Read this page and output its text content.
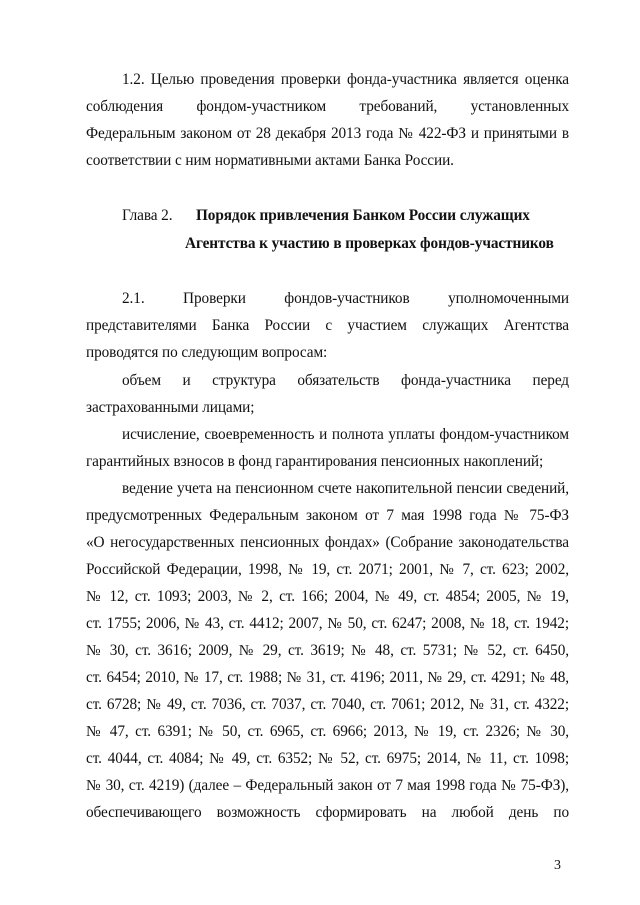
1.2. Целью проведения проверки фонда-участника является оценка
соблюдения фондом-участником требований, установленных
Федеральным законом от 28 декабря 2013 года № 422-ФЗ и принятыми в
соответствии с ним нормативными актами Банка России.
Глава 2. Порядок привлечения Банком России служащих
Агентства к участию в проверках фондов-участников
2.1. Проверки фондов-участников уполномоченными
представителями Банка России с участием служащих Агентства
проводятся по следующим вопросам:
объем и структура обязательств фонда-участника перед
застрахованными лицами;
исчисление, своевременность и полнота уплаты фондом-участником
гарантийных взносов в фонд гарантирования пенсионных накоплений;
ведение учета на пенсионном счете накопительной пенсии сведений,
предусмотренных Федеральным законом от 7 мая 1998 года № 75-ФЗ
«О негосударственных пенсионных фондах» (Собрание законодательства
Российской Федерации, 1998, № 19, ст. 2071; 2001, № 7, ст. 623; 2002,
№ 12, ст. 1093; 2003, № 2, ст. 166; 2004, № 49, ст. 4854; 2005, № 19,
ст. 1755; 2006, № 43, ст. 4412; 2007, № 50, ст. 6247; 2008, № 18, ст. 1942;
№ 30, ст. 3616; 2009, № 29, ст. 3619; № 48, ст. 5731; № 52, ст. 6450,
ст. 6454; 2010, № 17, ст. 1988; № 31, ст. 4196; 2011, № 29, ст. 4291; № 48,
ст. 6728; № 49, ст. 7036, ст. 7037, ст. 7040, ст. 7061; 2012, № 31, ст. 4322;
№ 47, ст. 6391; № 50, ст. 6965, ст. 6966; 2013, № 19, ст. 2326; № 30,
ст. 4044, ст. 4084; № 49, ст. 6352; № 52, ст. 6975; 2014, № 11, ст. 1098;
№ 30, ст. 4219) (далее – Федеральный закон от 7 мая 1998 года № 75-ФЗ),
обеспечивающего возможность сформировать на любой день по
3
